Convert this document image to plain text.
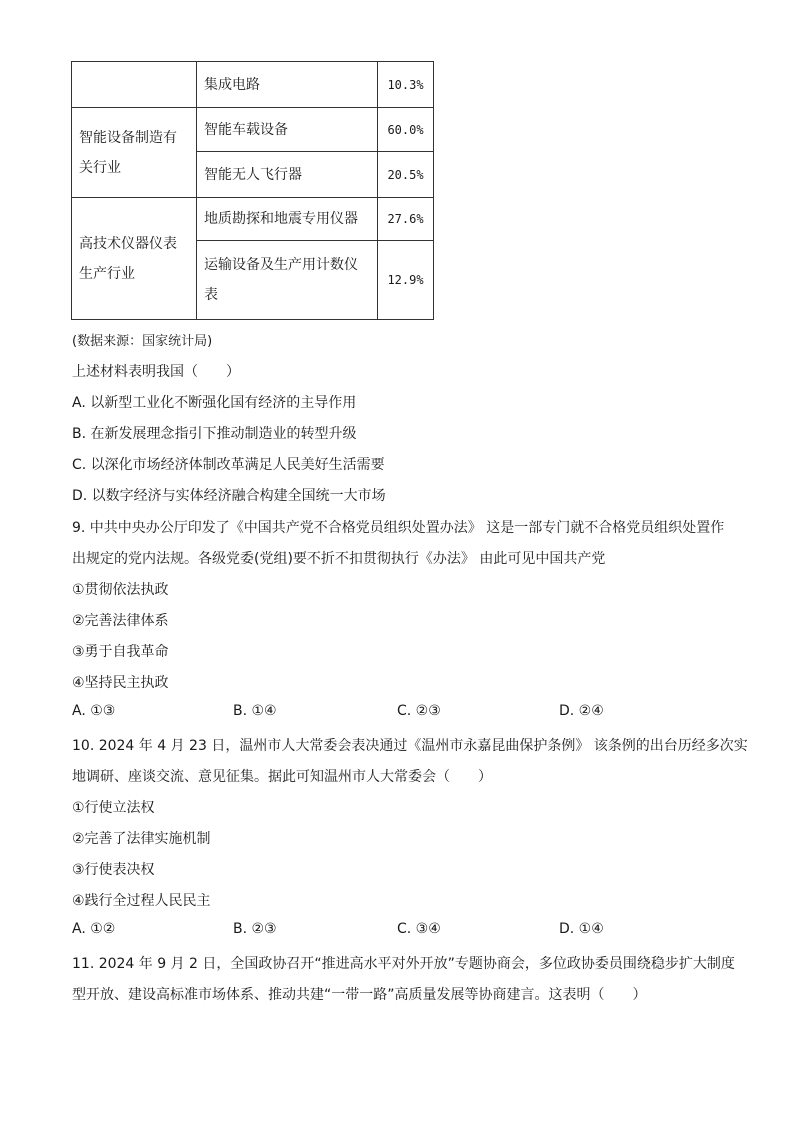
	集成电路	10.3%
智能设备制造有关行业	智能车载设备	60.0%
	智能无人飞行器	20.5%
高技术仪器仪表生产行业	地质勘探和地震专用仪器	27.6%
	运输设备及生产用计数仪表	12.9%
(数据来源：国家统计局)
上述材料表明我国（　　）
A. 以新型工业化不断强化国有经济的主导作用
B. 在新发展理念指引下推动制造业的转型升级
C. 以深化市场经济体制改革满足人民美好生活需要
D. 以数字经济与实体经济融合构建全国统一大市场
9. 中共中央办公厅印发了《中国共产党不合格党员组织处置办法》 这是一部专门就不合格党员组织处置作
出规定的党内法规。各级党委(党组)要不折不扣贯彻执行《办法》 由此可见中国共产党
①贯彻依法执政
②完善法律体系
③勇于自我革命
④坚持民主执政
A. ①③	B. ①④	C. ②③	D. ②④
10. 2024 年 4 月 23 日，温州市人大常委会表决通过《温州市永嘉昆曲保护条例》 该条例的出台历经多次实
地调研、座谈交流、意见征集。据此可知温州市人大常委会（　　）
①行使立法权
②完善了法律实施机制
③行使表决权
④践行全过程人民民主
A. ①②	B. ②③	C. ③④	D. ①④
11. 2024 年 9 月 2 日，全国政协召开“推进高水平对外开放”专题协商会，多位政协委员围绕稳步扩大制度
型开放、建设高标准市场体系、推动共建“一带一路”高质量发展等协商建言。这表明（　　）
